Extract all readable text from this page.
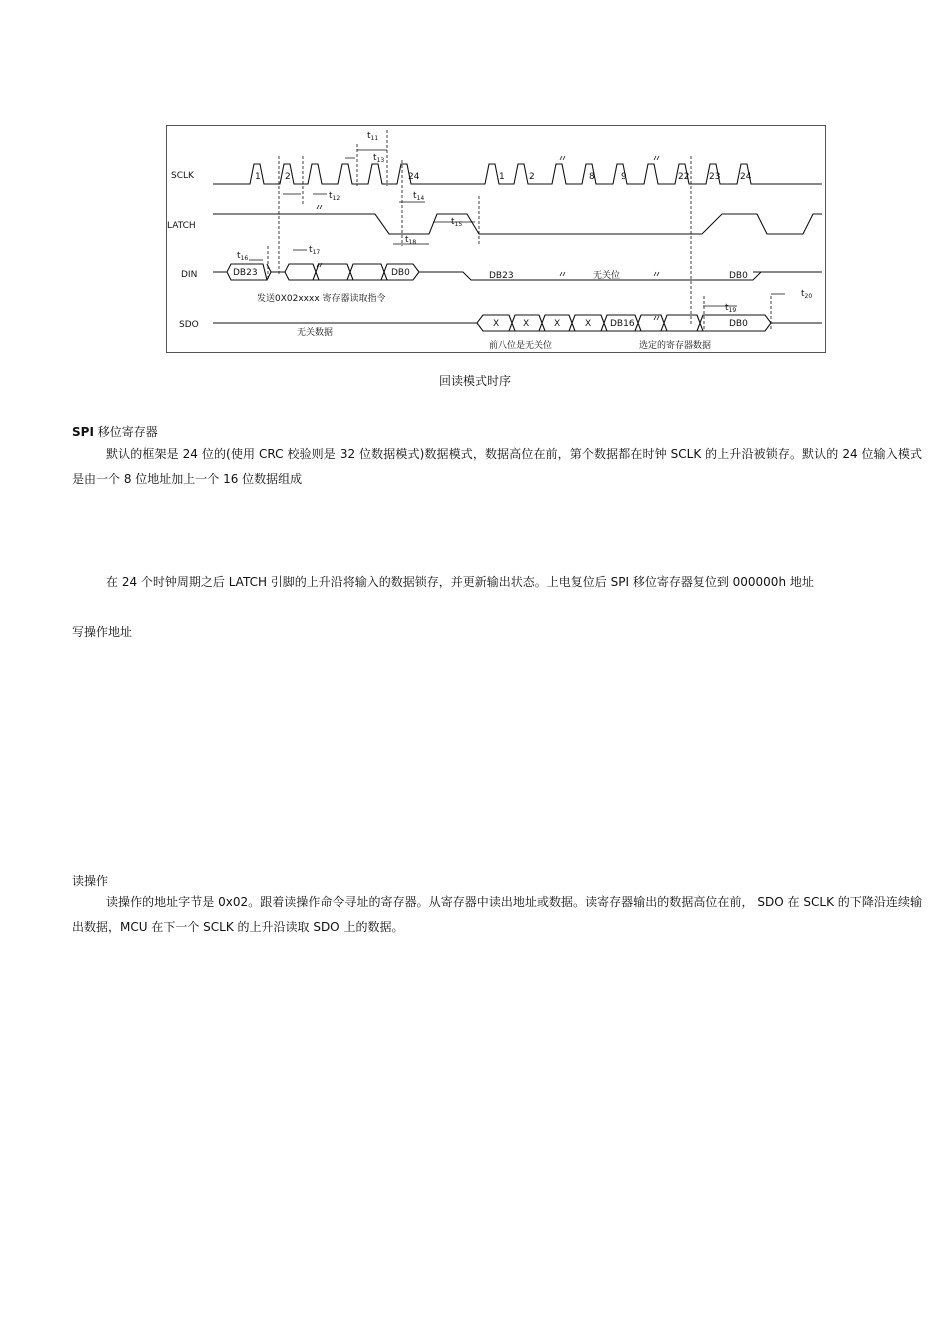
SCLK
LATCH
DIN
SDO
1	2	24	1	2	8	9	22 23 24
$t_{11}$
$t_{13}$
$t_{12}$	$t_{14}$
$t_{15}$
$t_{16}$
$t_{17}$
$t_{18}$
$t_{19}$
$t_{20}$
DB23	DB0	DB23	无关位	DB0
发送0X02xxxx 寄存器读取指令
无关数据
X	X	X	X DB16	DB0
前八位是无关位	选定的寄存器数据
回读模式时序
SPI 移位寄存器
默认的框架是 24 位的(使用 CRC 校验则是 32 位数据模式)数据模式，数据高位在前，第个数据都在时钟 SCLK 的上升沿被锁存。默认的 24 位输入模式是由一个 8 位地址加上一个 16 位数据组成
在 24 个时钟周期之后 LATCH 引脚的上升沿将输入的数据锁存，并更新输出状态。上电复位后 SPI 移位寄存器复位到 000000h 地址
写操作地址
读操作
读操作的地址字节是 0x02。跟着读操作命令寻址的寄存器。从寄存器中读出地址或数据。读寄存器输出的数据高位在前， SDO 在 SCLK 的下降沿连续输出数据，MCU 在下一个 SCLK 的上升沿读取 SDO 上的数据。
